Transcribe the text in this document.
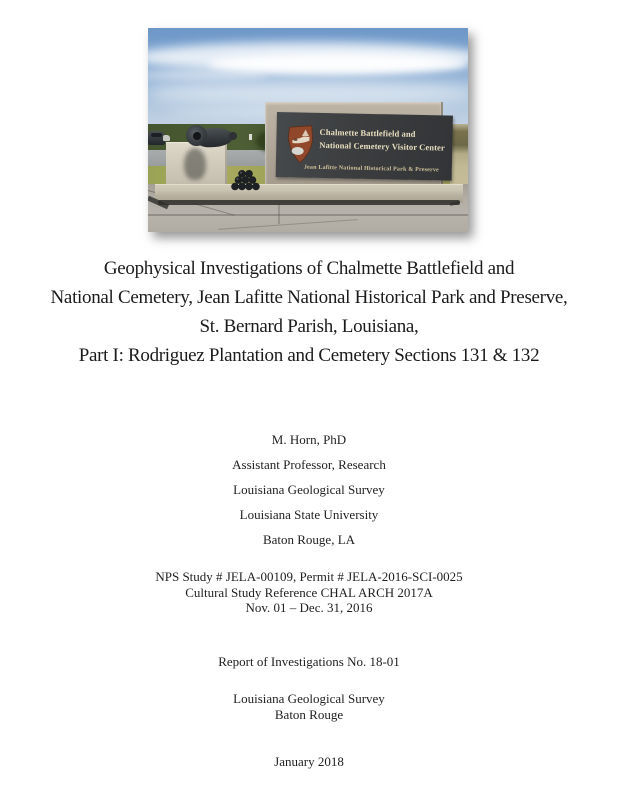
Chalmette Battlefield and
National Cemetery Visitor Center
Jean Lafitte National Historical Park & Preserve
Geophysical Investigations of Chalmette Battlefield and
National Cemetery, Jean Lafitte National Historical Park and Preserve,
St. Bernard Parish, Louisiana,
Part I: Rodriguez Plantation and Cemetery Sections 131 & 132
M. Horn, PhD
Assistant Professor, Research
Louisiana Geological Survey
Louisiana State University
Baton Rouge, LA
NPS Study # JELA-00109, Permit # JELA-2016-SCI-0025
Cultural Study Reference CHAL ARCH 2017A
Nov. 01 – Dec. 31, 2016
Report of Investigations No. 18-01
Louisiana Geological Survey
Baton Rouge
January 2018
